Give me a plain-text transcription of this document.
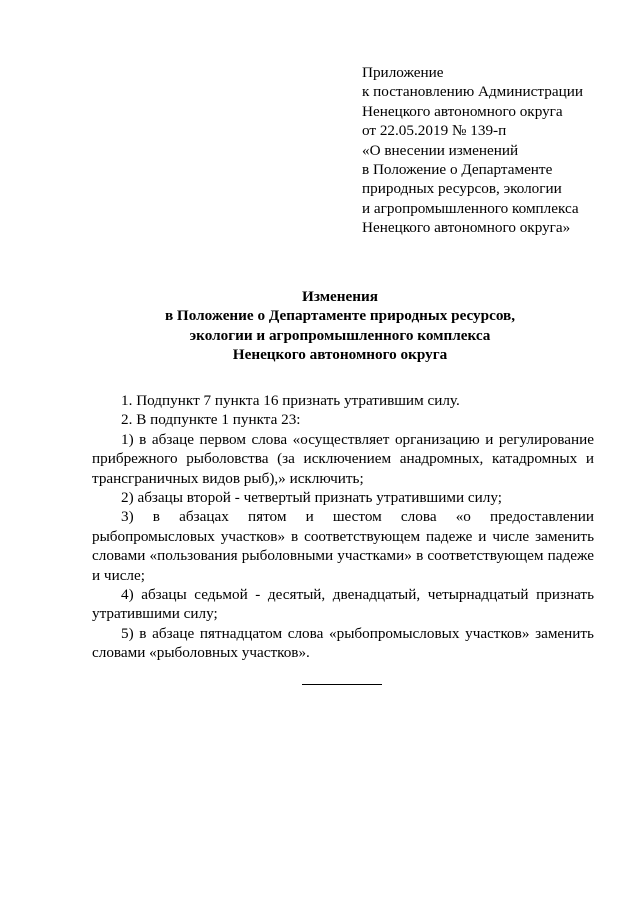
Приложение
к постановлению Администрации
Ненецкого автономного округа
от 22.05.2019 № 139-п
«О внесении изменений
в Положение о Департаменте
природных ресурсов, экологии
и агропромышленного комплекса
Ненецкого автономного округа»
Изменения
в Положение о Департаменте природных ресурсов,
экологии и агропромышленного комплекса
Ненецкого автономного округа

1. Подпункт 7 пункта 16 признать утратившим силу.

2. В подпункте 1 пункта 23:

1) в абзаце первом слова «осуществляет организацию и регулирование прибрежного рыболовства (за исключением анадромных, катадромных и трансграничных видов рыб),» исключить;

2) абзацы второй - четвертый признать утратившими силу;

3) в абзацах пятом и шестом слова «о предоставлении рыбопромысловых участков» в соответствующем падеже и числе заменить словами «пользования рыболовными участками» в соответствующем падеже и числе;

4) абзацы седьмой - десятый, двенадцатый, четырнадцатый признать утратившими силу;

5) в абзаце пятнадцатом слова «рыбопромысловых участков» заменить словами «рыболовных участков».
